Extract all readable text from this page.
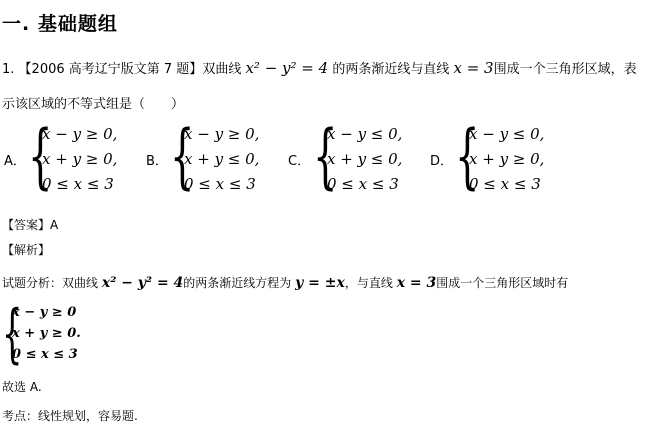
一. 基础题组
1. 【2006 高考辽宁版文第 7 题】双曲线 x² − y² = 4 的两条渐近线与直线 x = 3围成一个三角形区域，表
示该区域的不等式组是（　　）
A． {
x − y ≥ 0,
x + y ≥ 0,
0 ≤ x ≤ 3
B． {
x − y ≥ 0,
x + y ≤ 0,
0 ≤ x ≤ 3
C． {
x − y ≤ 0,
x + y ≤ 0,
0 ≤ x ≤ 3
D． {
x − y ≤ 0,
x + y ≥ 0,
0 ≤ x ≤ 3
【答案】A
【解析】
试题分析：双曲线 x² − y² = 4的两条渐近线方程为 y = ±x，与直线 x = 3围成一个三角形区域时有
{
x − y ≥ 0
x + y ≥ 0.
0 ≤ x ≤ 3
故选 A.
考点：线性规划，容易题.
